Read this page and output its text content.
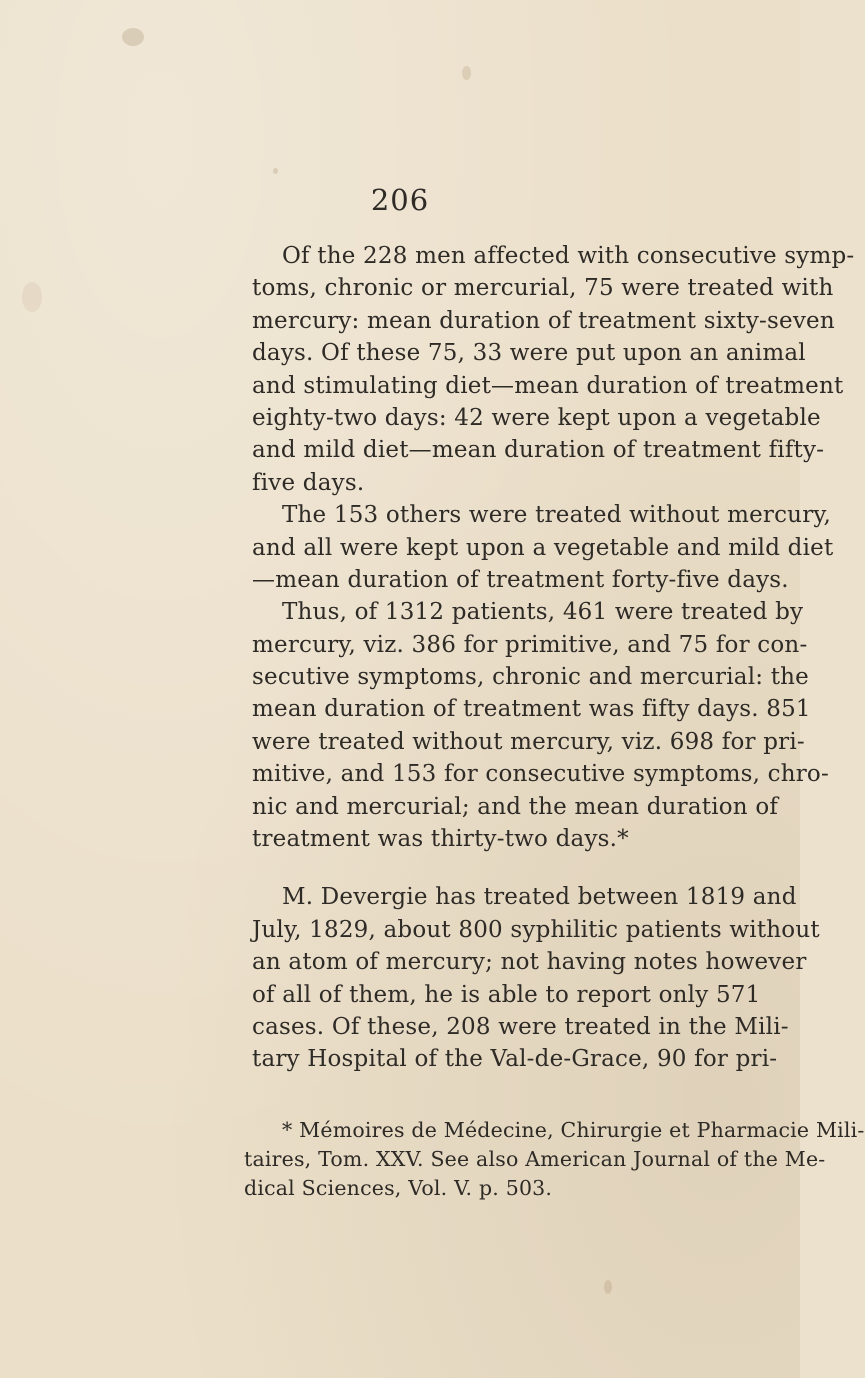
206
Of the 228 men affected with consecutive symp-
toms, chronic or mercurial, 75 were treated with
mercury: mean duration of treatment sixty-seven
days. Of these 75, 33 were put upon an animal
and stimulating diet—mean duration of treatment
eighty-two days: 42 were kept upon a vegetable
and mild diet—mean duration of treatment fifty-
five days.
The 153 others were treated without mercury,
and all were kept upon a vegetable and mild diet
—mean duration of treatment forty-five days.
Thus, of 1312 patients, 461 were treated by
mercury, viz. 386 for primitive, and 75 for con-
secutive symptoms, chronic and mercurial: the
mean duration of treatment was fifty days. 851
were treated without mercury, viz. 698 for pri-
mitive, and 153 for consecutive symptoms, chro-
nic and mercurial; and the mean duration of
treatment was thirty-two days.*
M. Devergie has treated between 1819 and
July, 1829, about 800 syphilitic patients without
an atom of mercury; not having notes however
of all of them, he is able to report only 571
cases. Of these, 208 were treated in the Mili-
tary Hospital of the Val-de-Grace, 90 for pri-
* Mémoires de Médecine, Chirurgie et Pharmacie Mili-
taires, Tom. XXV. See also American Journal of the Me-
dical Sciences, Vol. V. p. 503.
